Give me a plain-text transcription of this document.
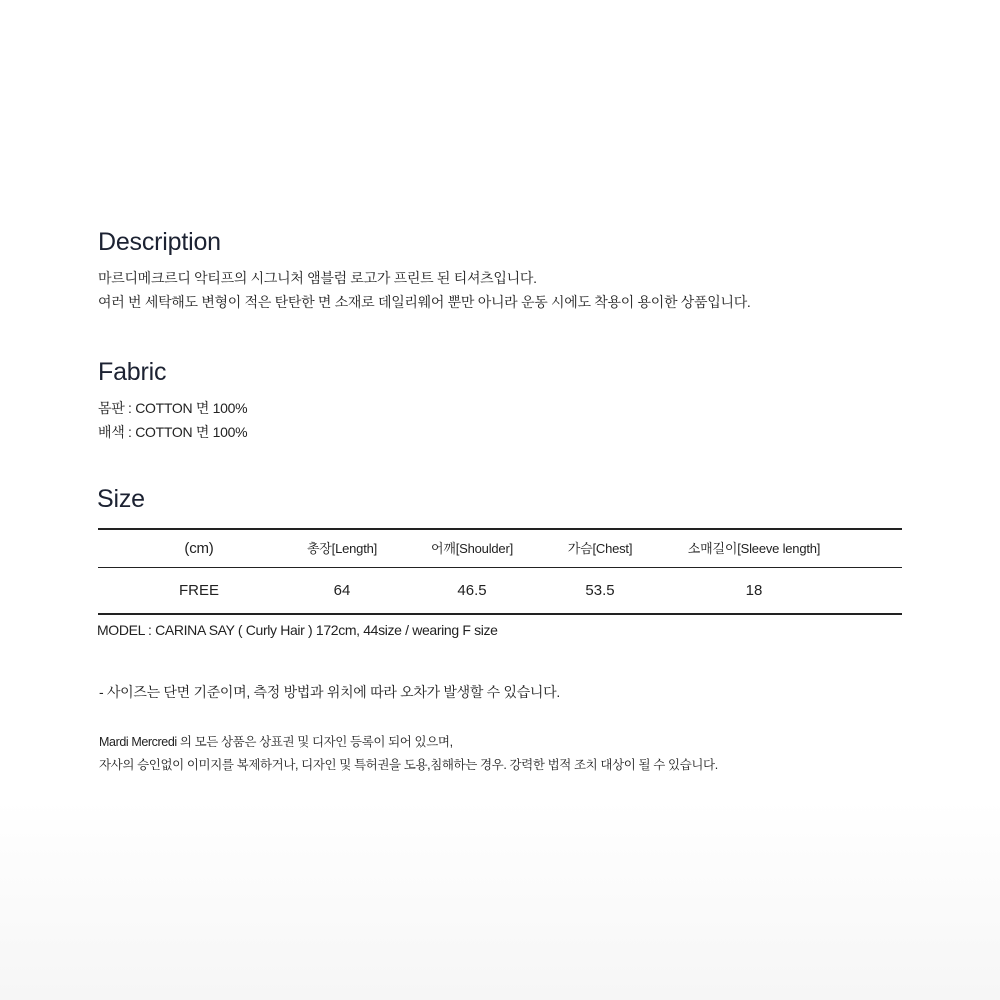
Description
마르디메크르디 악티프의 시그니처 앰블럼 로고가 프린트 된 티셔츠입니다.
여러 번 세탁해도 변형이 적은 탄탄한 면 소재로 데일리웨어 뿐만 아니라 운동 시에도 착용이 용이한 상품입니다.
Fabric
몸판 : COTTON 면 100%
배색 : COTTON 면 100%
Size
(cm)	총장[Length]	어깨[Shoulder]	가슴[Chest]	소매길이[Sleeve length]
FREE	64	46.5	53.5	18
MODEL : CARINA SAY ( Curly Hair ) 172cm, 44size / wearing F size
- 사이즈는 단면 기준이며, 측정 방법과 위치에 따라 오차가 발생할 수 있습니다.
Mardi Mercredi 의 모든 상품은 상표권 및 디자인 등록이 되어 있으며,
자사의 승인없이 이미지를 복제하거나, 디자인 및 특허권을 도용,침해하는 경우. 강력한 법적 조치 대상이 될 수 있습니다.
